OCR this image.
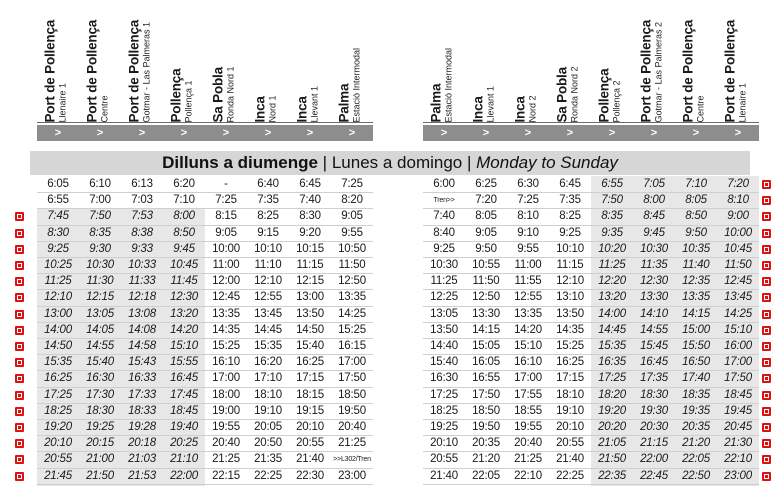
Port de Pollença Llenaire 1 Port de Pollença Centre Port de Pollença Gotmar - Las Palmeras 1 Pollença Pollença 1 Sa Pobla Ronda Nord 1 Inca Nord 1 Inca Llevant 1 Palma Estació Intermodal	Palma Estació Intermodal Inca Llevant 1 Inca Nord 2 Sa Pobla Ronda Nord 2 Pollença Pollença 2 Port de Pollença Gotmar - Las Palmeras 2 Port de Pollença Centre Port de Pollença Llenaire 1
>	>	>	>	>	>	>	>	>	>	>	>	>	>	>	>
Dilluns a diumenge | Lunes a domingo | Monday to Sunday
6:05	6:10	6:13	6:20	-	6:40	6:45	7:25
6:55	7:00	7:03	7:10	7:25	7:35	7:40	8:20
7:45	7:50	7:53	8:00	8:15	8:25	8:30	9:05
8:30	8:35	8:38	8:50	9:05	9:15	9:20	9:55
9:25	9:30	9:33	9:45	10:00	10:10	10:15	10:50
10:25	10:30	10:33	10:45	11:00	11:10	11:15	11:50
11:25	11:30	11:33	11:45	12:00	12:10	12:15	12:50
12:10	12:15	12:18	12:30	12:45	12:55	13:00	13:35
13:00	13:05	13:08	13:20	13:35	13:45	13:50	14:25
14:00	14:05	14:08	14:20	14:35	14:45	14:50	15:25
14:50	14:55	14:58	15:10	15:25	15:35	15:40	16:15
15:35	15:40	15:43	15:55	16:10	16:20	16:25	17:00
16:25	16:30	16:33	16:45	17:00	17:10	17:15	17:50
17:25	17:30	17:33	17:45	18:00	18:10	18:15	18:50
18:25	18:30	18:33	18:45	19:00	19:10	19:15	19:50
19:20	19:25	19:28	19:40	19:55	20:05	20:10	20:40
20:10	20:15	20:18	20:25	20:40	20:50	20:55	21:25
20:55	21:00	21:03	21:10	21:25	21:35	21:40	>>L302/Tren
21:45	21:50	21:53	22:00	22:15	22:25	22:30	23:00
6:00	6:25	6:30	6:45	6:55	7:05	7:10	7:20
Tren>>	7:20	7:25	7:35	7:50	8:00	8:05	8:10
7:40	8:05	8:10	8:25	8:35	8:45	8:50	9:00
8:40	9:05	9:10	9:25	9:35	9:45	9:50	10:00
9:25	9:50	9:55	10:10	10:20	10:30	10:35	10:45
10:30	10:55	11:00	11:15	11:25	11:35	11:40	11:50
11:25	11:50	11:55	12:10	12:20	12:30	12:35	12:45
12:25	12:50	12:55	13:10	13:20	13:30	13:35	13:45
13:05	13:30	13:35	13:50	14:00	14:10	14:15	14:25
13:50	14:15	14:20	14:35	14:45	14:55	15:00	15:10
14:40	15:05	15:10	15:25	15:35	15:45	15:50	16:00
15:40	16:05	16:10	16:25	16:35	16:45	16:50	17:00
16:30	16:55	17:00	17:15	17:25	17:35	17:40	17:50
17:25	17:50	17:55	18:10	18:20	18:30	18:35	18:45
18:25	18:50	18:55	19:10	19:20	19:30	19:35	19:45
19:25	19:50	19:55	20:10	20:20	20:30	20:35	20:45
20:10	20:35	20:40	20:55	21:05	21:15	21:20	21:30
20:55	21:20	21:25	21:40	21:50	22:00	22:05	22:10
21:40	22:05	22:10	22:25	22:35	22:45	22:50	23:00
